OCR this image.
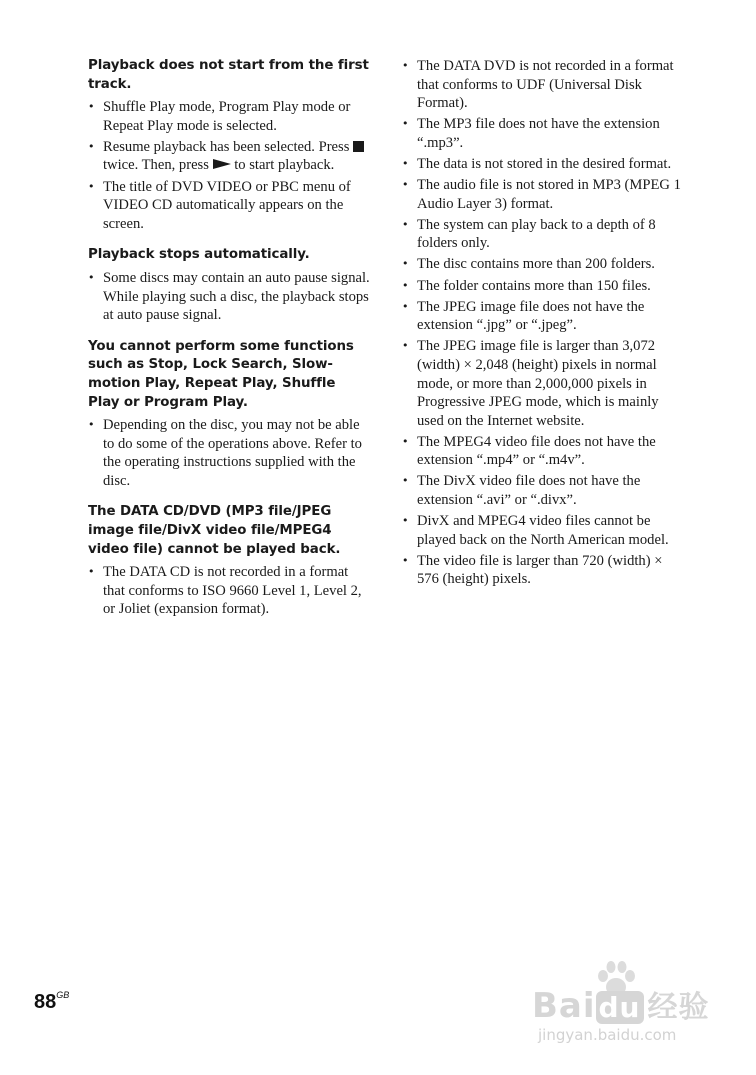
Playback does not start from the first track.
• Shuffle Play mode, Program Play mode or Repeat Play mode is selected.
• Resume playback has been selected. Press  twice. Then, press  to start playback.
• The title of DVD VIDEO or PBC menu of VIDEO CD automatically appears on the screen.
Playback stops automatically.
• Some discs may contain an auto pause signal. While playing such a disc, the playback stops at auto pause signal.
You cannot perform some functions such as Stop, Lock Search, Slow-motion Play, Repeat Play, Shuffle Play or Program Play.
• Depending on the disc, you may not be able to do some of the operations above. Refer to the operating instructions supplied with the disc.
The DATA CD/DVD (MP3 file/JPEG image file/DivX video file/MPEG4 video file) cannot be played back.
• The DATA CD is not recorded in a format that conforms to ISO 9660 Level 1, Level 2, or Joliet (expansion format).
• The DATA DVD is not recorded in a format that conforms to UDF (Universal Disk Format).
• The MP3 file does not have the extension “.mp3”.
• The data is not stored in the desired format.
• The audio file is not stored in MP3 (MPEG 1 Audio Layer 3) format.
• The system can play back to a depth of 8 folders only.
• The disc contains more than 200 folders.
• The folder contains more than 150 files.
• The JPEG image file does not have the extension “.jpg” or “.jpeg”.
• The JPEG image file is larger than 3,072 (width) × 2,048 (height) pixels in normal mode, or more than 2,000,000 pixels in Progressive JPEG mode, which is mainly used on the Internet website.
• The MPEG4 video file does not have the extension “.mp4” or “.m4v”.
• The DivX video file does not have the extension “.avi” or “.divx”.
• DivX and MPEG4 video files cannot be played back on the North American model.
• The video file is larger than 720 (width) × 576 (height) pixels.
$88^{GB}$	Bai du 经验
jingyan.baidu.com
